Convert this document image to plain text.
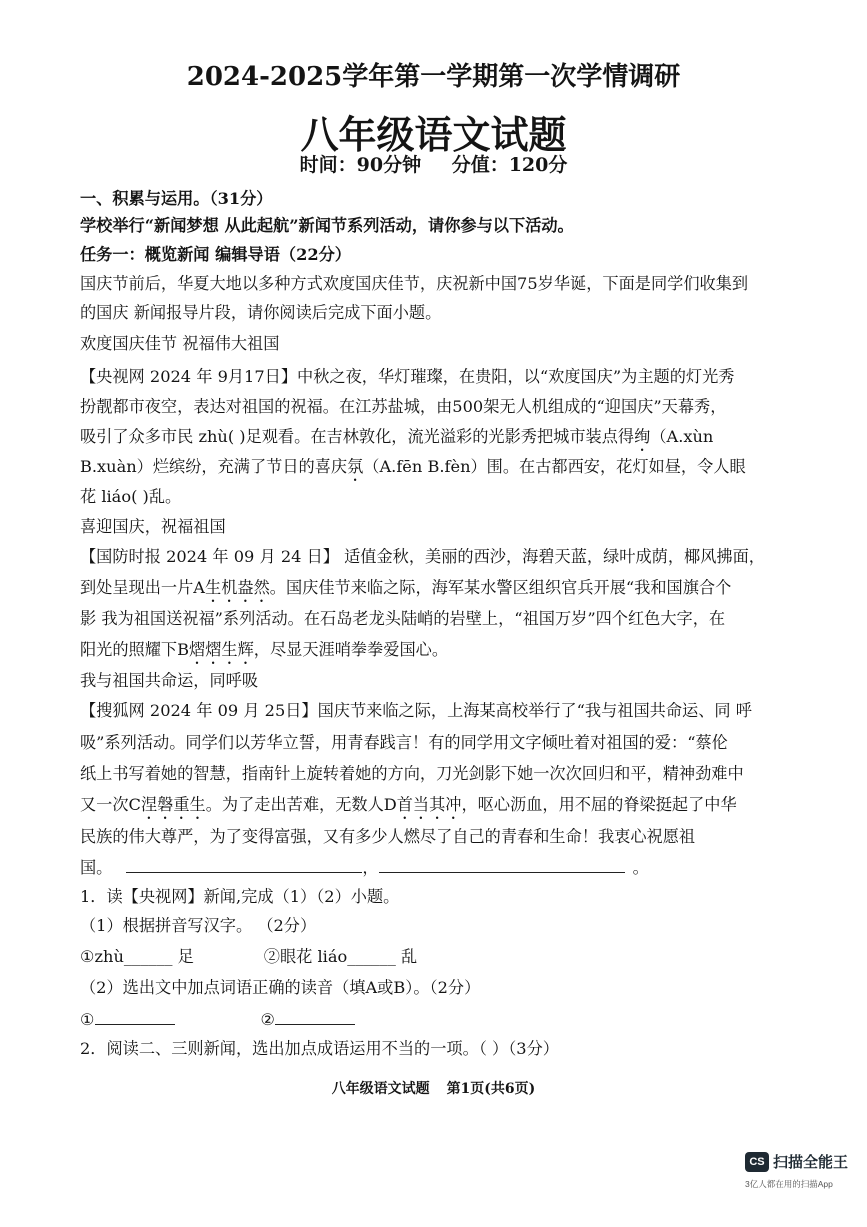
2024-2025学年第一学期第一次学情调研
八年级语文试题
时间：90分钟 分值：120分
一、积累与运用。（31分）
学校举行“新闻梦想 从此起航”新闻节系列活动，请你参与以下活动。
任务一：概览新闻 编辑导语（22分）
国庆节前后，华夏大地以多种方式欢度国庆佳节，庆祝新中国75岁华诞，下面是同学们收集到
的国庆 新闻报导片段，请你阅读后完成下面小题。
欢度国庆佳节 祝福伟大祖国
【央视网 2024 年 9月17日】中秋之夜，华灯璀璨，在贵阳，以“欢度国庆”为主题的灯光秀
扮靓都市夜空，表达对祖国的祝福。在江苏盐城，由500架无人机组成的“迎国庆”天幕秀，
吸引了众多市民 zhù( )足观看。在吉林敦化，流光溢彩的光影秀把城市装点得绚（A.xùn
B.xuàn）烂缤纷，充满了节日的喜庆氛（A.fēn B.fèn）围。在古都西安，花灯如昼，令人眼
花 liáo( )乱。
喜迎国庆，祝福祖国
【国防时报 2024 年 09 月 24 日】 适值金秋，美丽的西沙，海碧天蓝，绿叶成荫，椰风拂面，
到处呈现出一片A生机盎然。国庆佳节来临之际，海军某水警区组织官兵开展“我和国旗合个
影 我为祖国送祝福”系列活动。在石岛老龙头陆峭的岩壁上，“祖国万岁”四个红色大字，在
阳光的照耀下B熠熠生辉，尽显天涯哨拳拳爱国心。
我与祖国共命运，同呼吸
【搜狐网 2024 年 09 月 25日】国庆节来临之际，上海某高校举行了“我与祖国共命运、同 呼
吸”系列活动。同学们以芳华立誓，用青春践言！有的同学用文字倾吐着对祖国的爱：“蔡伦
纸上书写着她的智慧，指南针上旋转着她的方向，刀光剑影下她一次次回归和平，精神劲难中
又一次C涅磐重生。为了走出苦难，无数人D首当其冲，呕心沥血，用不屈的脊梁挺起了中华
民族的伟大尊严，为了变得富强，又有多少人燃尽了自己的青春和生命！我衷心祝愿祖
国。	，	。
1．读【央视网】新闻,完成（1）（2）小题。
（1）根据拼音写汉字。 （2分）
①zhù______ 足	②眼花 liáo______ 乱
（2）选出文中加点词语正确的读音（填A或B）。（2分）
①	②
2．阅读二、三则新闻，选出加点成语运用不当的一项。（ ）（3分）
八年级语文试题 第1页(共6页)
CS 扫描全能王
3亿人都在用的扫描App
